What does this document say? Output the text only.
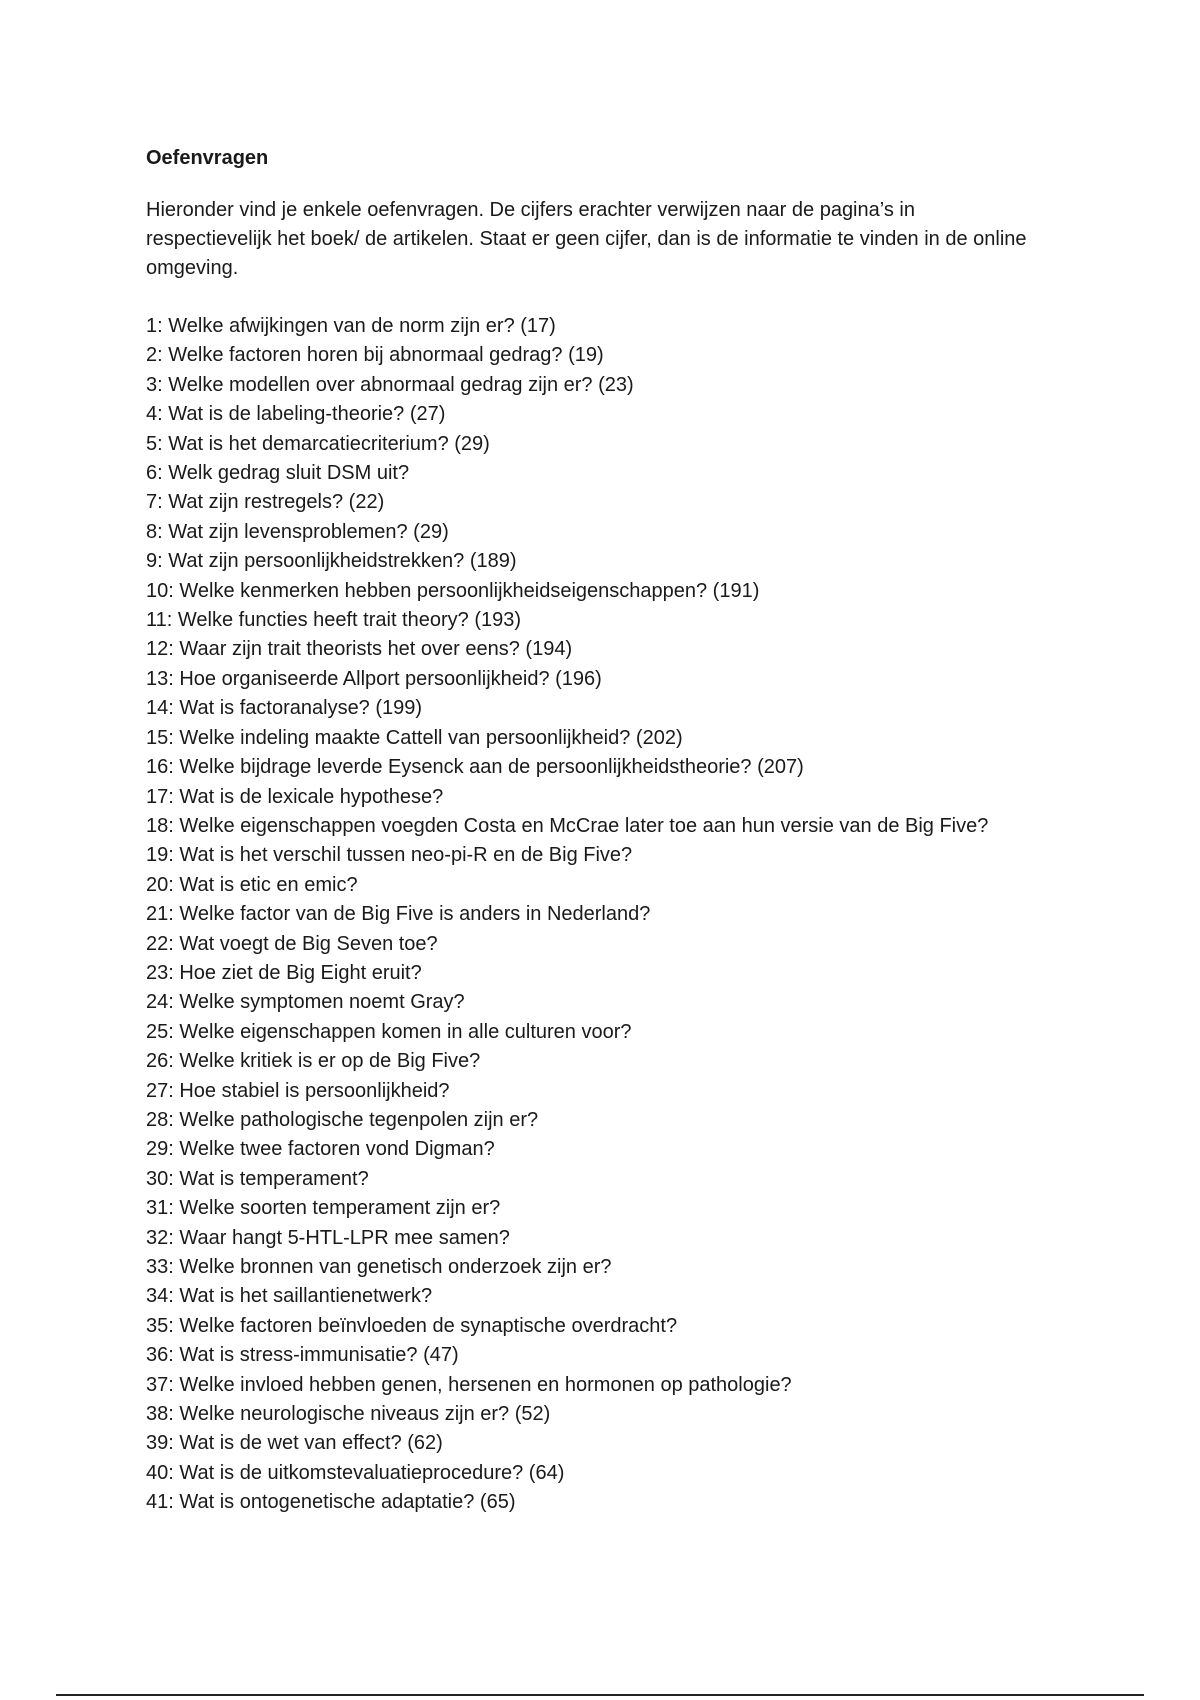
Oefenvragen

Hieronder vind je enkele oefenvragen. De cijfers erachter verwijzen naar de pagina’s in respectievelijk het boek/ de artikelen. Staat er geen cijfer, dan is de informatie te vinden in de online omgeving.

1: Welke afwijkingen van de norm zijn er? (17)
2: Welke factoren horen bij abnormaal gedrag? (19)
3: Welke modellen over abnormaal gedrag zijn er? (23)
4: Wat is de labeling-theorie? (27)
5: Wat is het demarcatiecriterium? (29)
6: Welk gedrag sluit DSM uit?
7: Wat zijn restregels? (22)
8: Wat zijn levensproblemen? (29)
9: Wat zijn persoonlijkheidstrekken? (189)
10: Welke kenmerken hebben persoonlijkheidseigenschappen? (191)
11: Welke functies heeft trait theory? (193)
12: Waar zijn trait theorists het over eens? (194)
13: Hoe organiseerde Allport persoonlijkheid? (196)
14: Wat is factoranalyse? (199)
15: Welke indeling maakte Cattell van persoonlijkheid? (202)
16: Welke bijdrage leverde Eysenck aan de persoonlijkheidstheorie? (207)
17: Wat is de lexicale hypothese?
18: Welke eigenschappen voegden Costa en McCrae later toe aan hun versie van de Big Five?
19: Wat is het verschil tussen neo-pi-R en de Big Five?
20: Wat is etic en emic?
21: Welke factor van de Big Five is anders in Nederland?
22: Wat voegt de Big Seven toe?
23: Hoe ziet de Big Eight eruit?
24: Welke symptomen noemt Gray?
25: Welke eigenschappen komen in alle culturen voor?
26: Welke kritiek is er op de Big Five?
27: Hoe stabiel is persoonlijkheid?
28: Welke pathologische tegenpolen zijn er?
29: Welke twee factoren vond Digman?
30: Wat is temperament?
31: Welke soorten temperament zijn er?
32: Waar hangt 5-HTL-LPR mee samen?
33: Welke bronnen van genetisch onderzoek zijn er?
34: Wat is het saillantienetwerk?
35: Welke factoren beïnvloeden de synaptische overdracht?
36: Wat is stress-immunisatie? (47)
37: Welke invloed hebben genen, hersenen en hormonen op pathologie?
38: Welke neurologische niveaus zijn er? (52)
39: Wat is de wet van effect? (62)
40: Wat is de uitkomstevaluatieprocedure? (64)
41: Wat is ontogenetische adaptatie? (65)
